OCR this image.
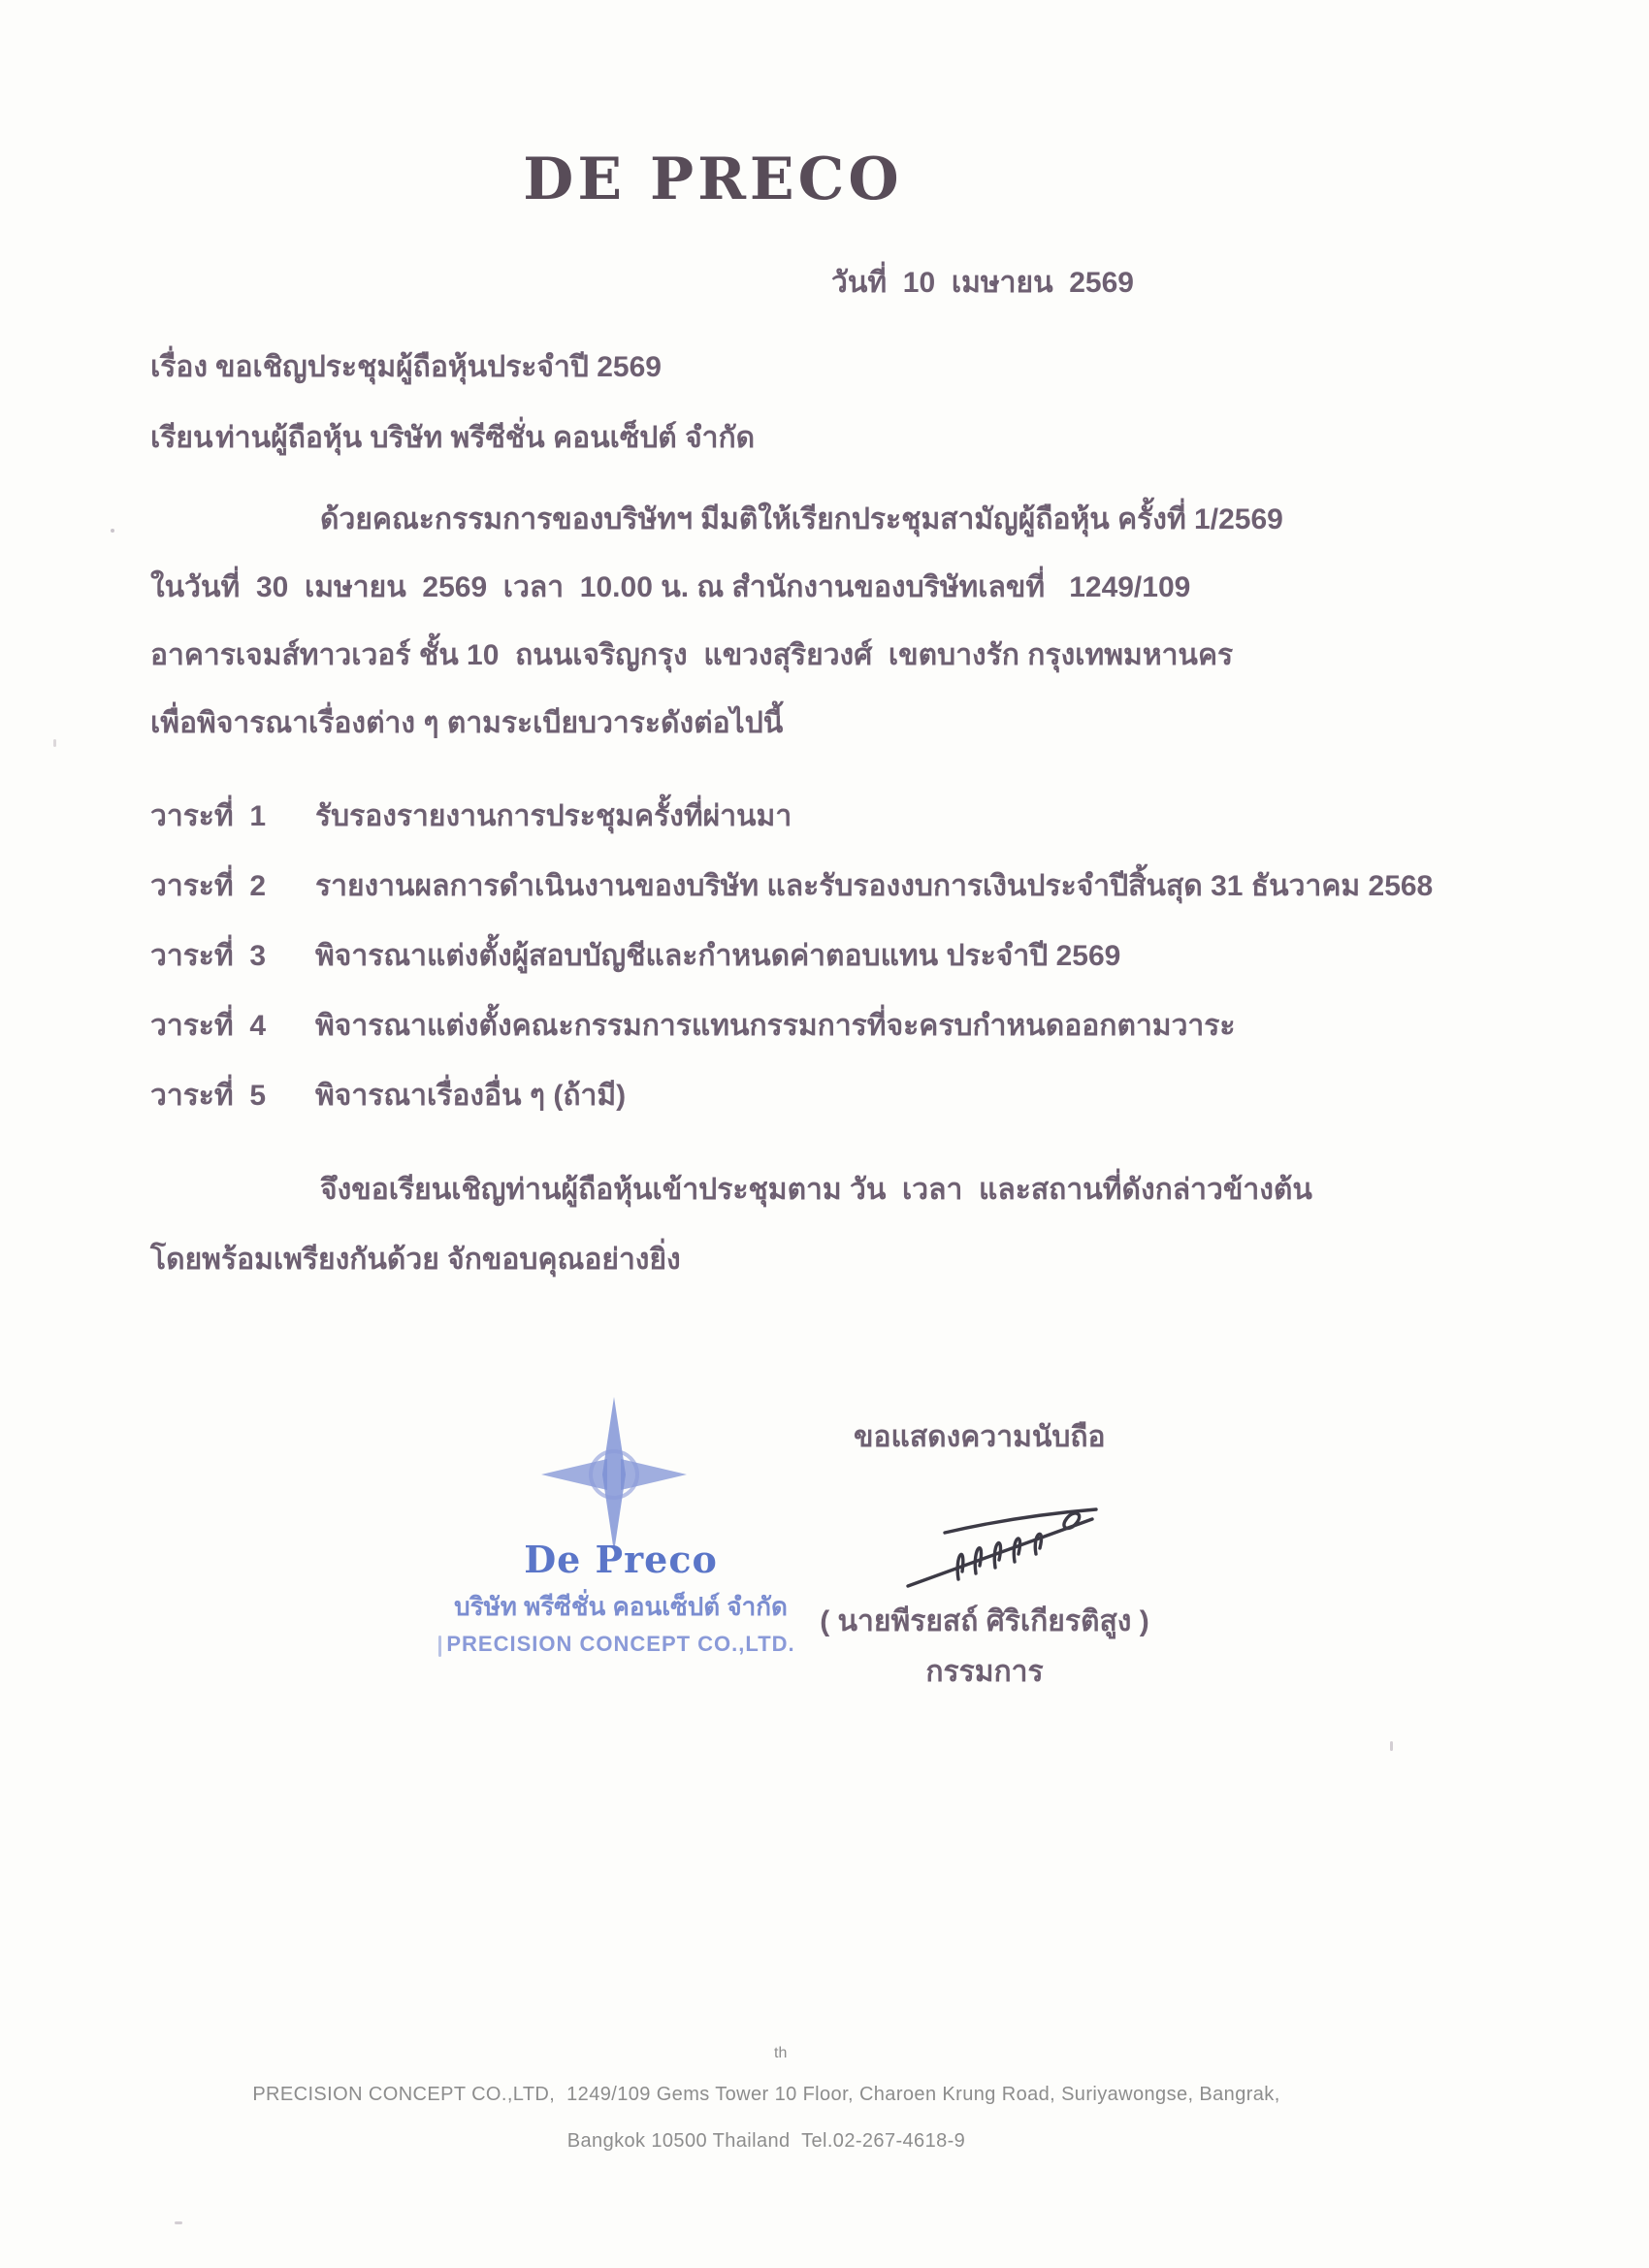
DE PRECO
วันที่  10  เมษายน  2569
เรื่อง ขอเชิญประชุมผู้ถือหุ้นประจำปี 2569
เรียน ท่านผู้ถือหุ้น บริษัท พรีซีชั่น คอนเซ็ปต์ จำกัด
ด้วยคณะกรรมการของบริษัทฯ มีมติให้เรียกประชุมสามัญผู้ถือหุ้น ครั้งที่ 1/2569
ในวันที่  30  เมษายน  2569  เวลา  10.00 น. ณ สำนักงานของบริษัทเลขที่   1249/109
อาคารเจมส์ทาวเวอร์ ชั้น 10  ถนนเจริญกรุง  แขวงสุริยวงศ์  เขตบางรัก กรุงเทพมหานคร
เพื่อพิจารณาเรื่องต่าง ๆ ตามระเบียบวาระดังต่อไปนี้
วาระที่  1 รับรองรายงานการประชุมครั้งที่ผ่านมา
วาระที่  2 รายงานผลการดำเนินงานของบริษัท และรับรองงบการเงินประจำปีสิ้นสุด 31 ธันวาคม 2568
วาระที่  3 พิจารณาแต่งตั้งผู้สอบบัญชีและกำหนดค่าตอบแทน ประจำปี 2569
วาระที่  4 พิจารณาแต่งตั้งคณะกรรมการแทนกรรมการที่จะครบกำหนดออกตามวาระ
วาระที่  5 พิจารณาเรื่องอื่น ๆ (ถ้ามี)
จึงขอเรียนเชิญท่านผู้ถือหุ้นเข้าประชุมตาม วัน  เวลา  และสถานที่ดังกล่าวข้างต้น
โดยพร้อมเพรียงกันด้วย จักขอบคุณอย่างยิ่ง
ขอแสดงความนับถือ

De Preco
บริษัท พรีซีชั่น คอนเซ็ปต์ จำกัด
PRECISION CONCEPT CO.,LTD.

( นายพีรยสถ์ ศิริเกียรติสูง )
กรรมการ
th
PRECISION CONCEPT CO.,LTD,  1249/109 Gems Tower 10 Floor, Charoen Krung Road, Suriyawongse, Bangrak,
Bangkok 10500 Thailand  Tel.02-267-4618-9
